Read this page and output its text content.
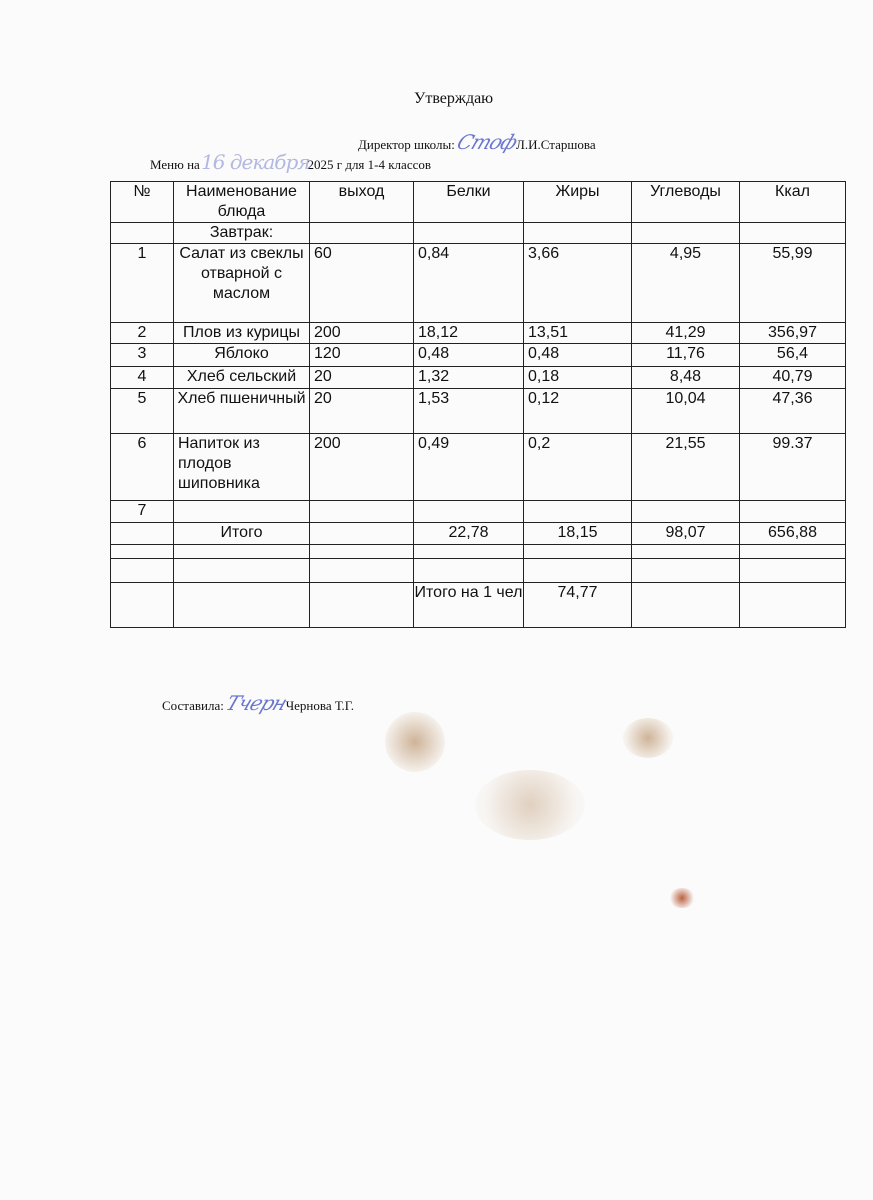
Утверждаю
Директор школы: СтофЛ.И.Старшова
Меню на 16 декабря2025 г для 1-4 классов
№	Наименование блюда	выход	Белки	Жиры	Углеводы	Ккал
	Завтрак:					
1	Салат из свеклы отварной с маслом	60	0,84	3,66	4,95	55,99
2	Плов из курицы	200	18,12	13,51	41,29	356,97
3	Яблоко	120	0,48	0,48	11,76	56,4
4	Хлеб сельский	20	1,32	0,18	8,48	40,79
5	Хлеб пшеничный	20	1,53	0,12	10,04	47,36
6	Напиток из плодов шиповника	200	0,49	0,2	21,55	99.37
7						
	Итого		22,78	18,15	98,07	656,88

			Итого на 1 чел	74,77		
Составила: ТчернЧернова Т.Г.
